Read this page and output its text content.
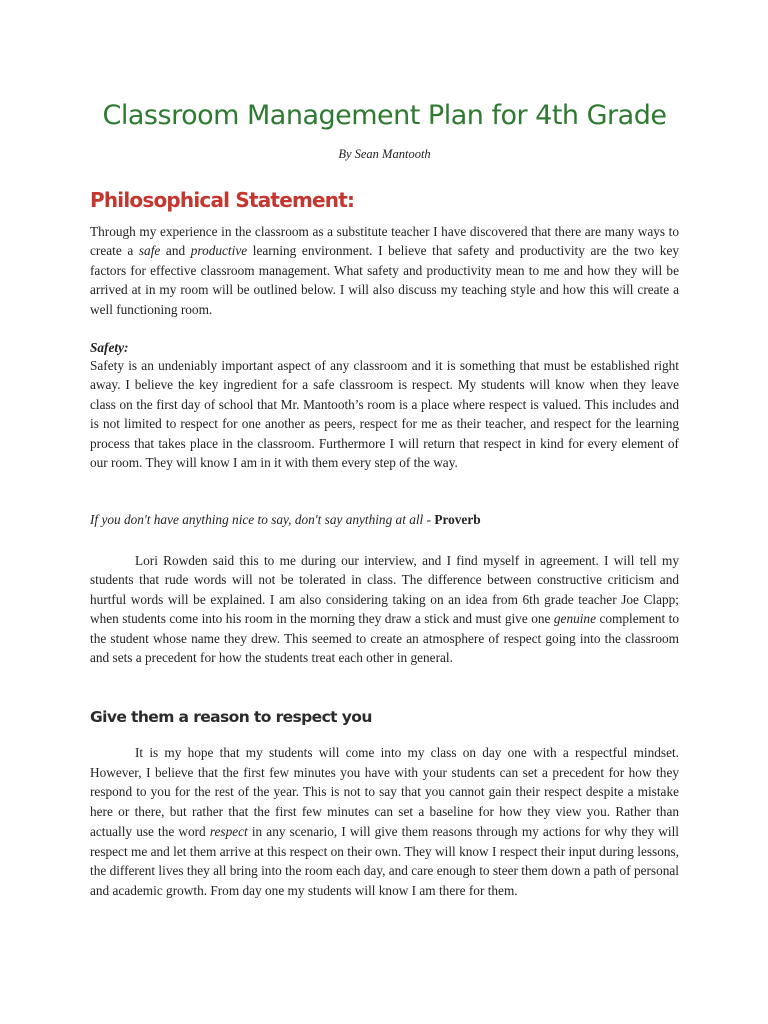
Classroom Management Plan for 4th Grade

By Sean Mantooth

Philosophical Statement:

Through my experience in the classroom as a substitute teacher I have discovered that there are many ways to create a safe and productive learning environment. I believe that safety and productivity are the two key factors for effective classroom management. What safety and productivity mean to me and how they will be arrived at in my room will be outlined below. I will also discuss my teaching style and how this will create a well functioning room.

Safety:

Safety is an undeniably important aspect of any classroom and it is something that must be established right away. I believe the key ingredient for a safe classroom is respect. My students will know when they leave class on the first day of school that Mr. Mantooth’s room is a place where respect is valued. This includes and is not limited to respect for one another as peers, respect for me as their teacher, and respect for the learning process that takes place in the classroom. Furthermore I will return that respect in kind for every element of our room. They will know I am in it with them every step of the way.

If you don't have anything nice to say, don't say anything at all - Proverb

Lori Rowden said this to me during our interview, and I find myself in agreement. I will tell my students that rude words will not be tolerated in class. The difference between constructive criticism and hurtful words will be explained. I am also considering taking on an idea from 6th grade teacher Joe Clapp; when students come into his room in the morning they draw a stick and must give one genuine complement to the student whose name they drew. This seemed to create an atmosphere of respect going into the classroom and sets a precedent for how the students treat each other in general.

Give them a reason to respect you

It is my hope that my students will come into my class on day one with a respectful mindset. However, I believe that the first few minutes you have with your students can set a precedent for how they respond to you for the rest of the year. This is not to say that you cannot gain their respect despite a mistake here or there, but rather that the first few minutes can set a baseline for how they view you. Rather than actually use the word respect in any scenario, I will give them reasons through my actions for why they will respect me and let them arrive at this respect on their own. They will know I respect their input during lessons, the different lives they all bring into the room each day, and care enough to steer them down a path of personal and academic growth. From day one my students will know I am there for them.
